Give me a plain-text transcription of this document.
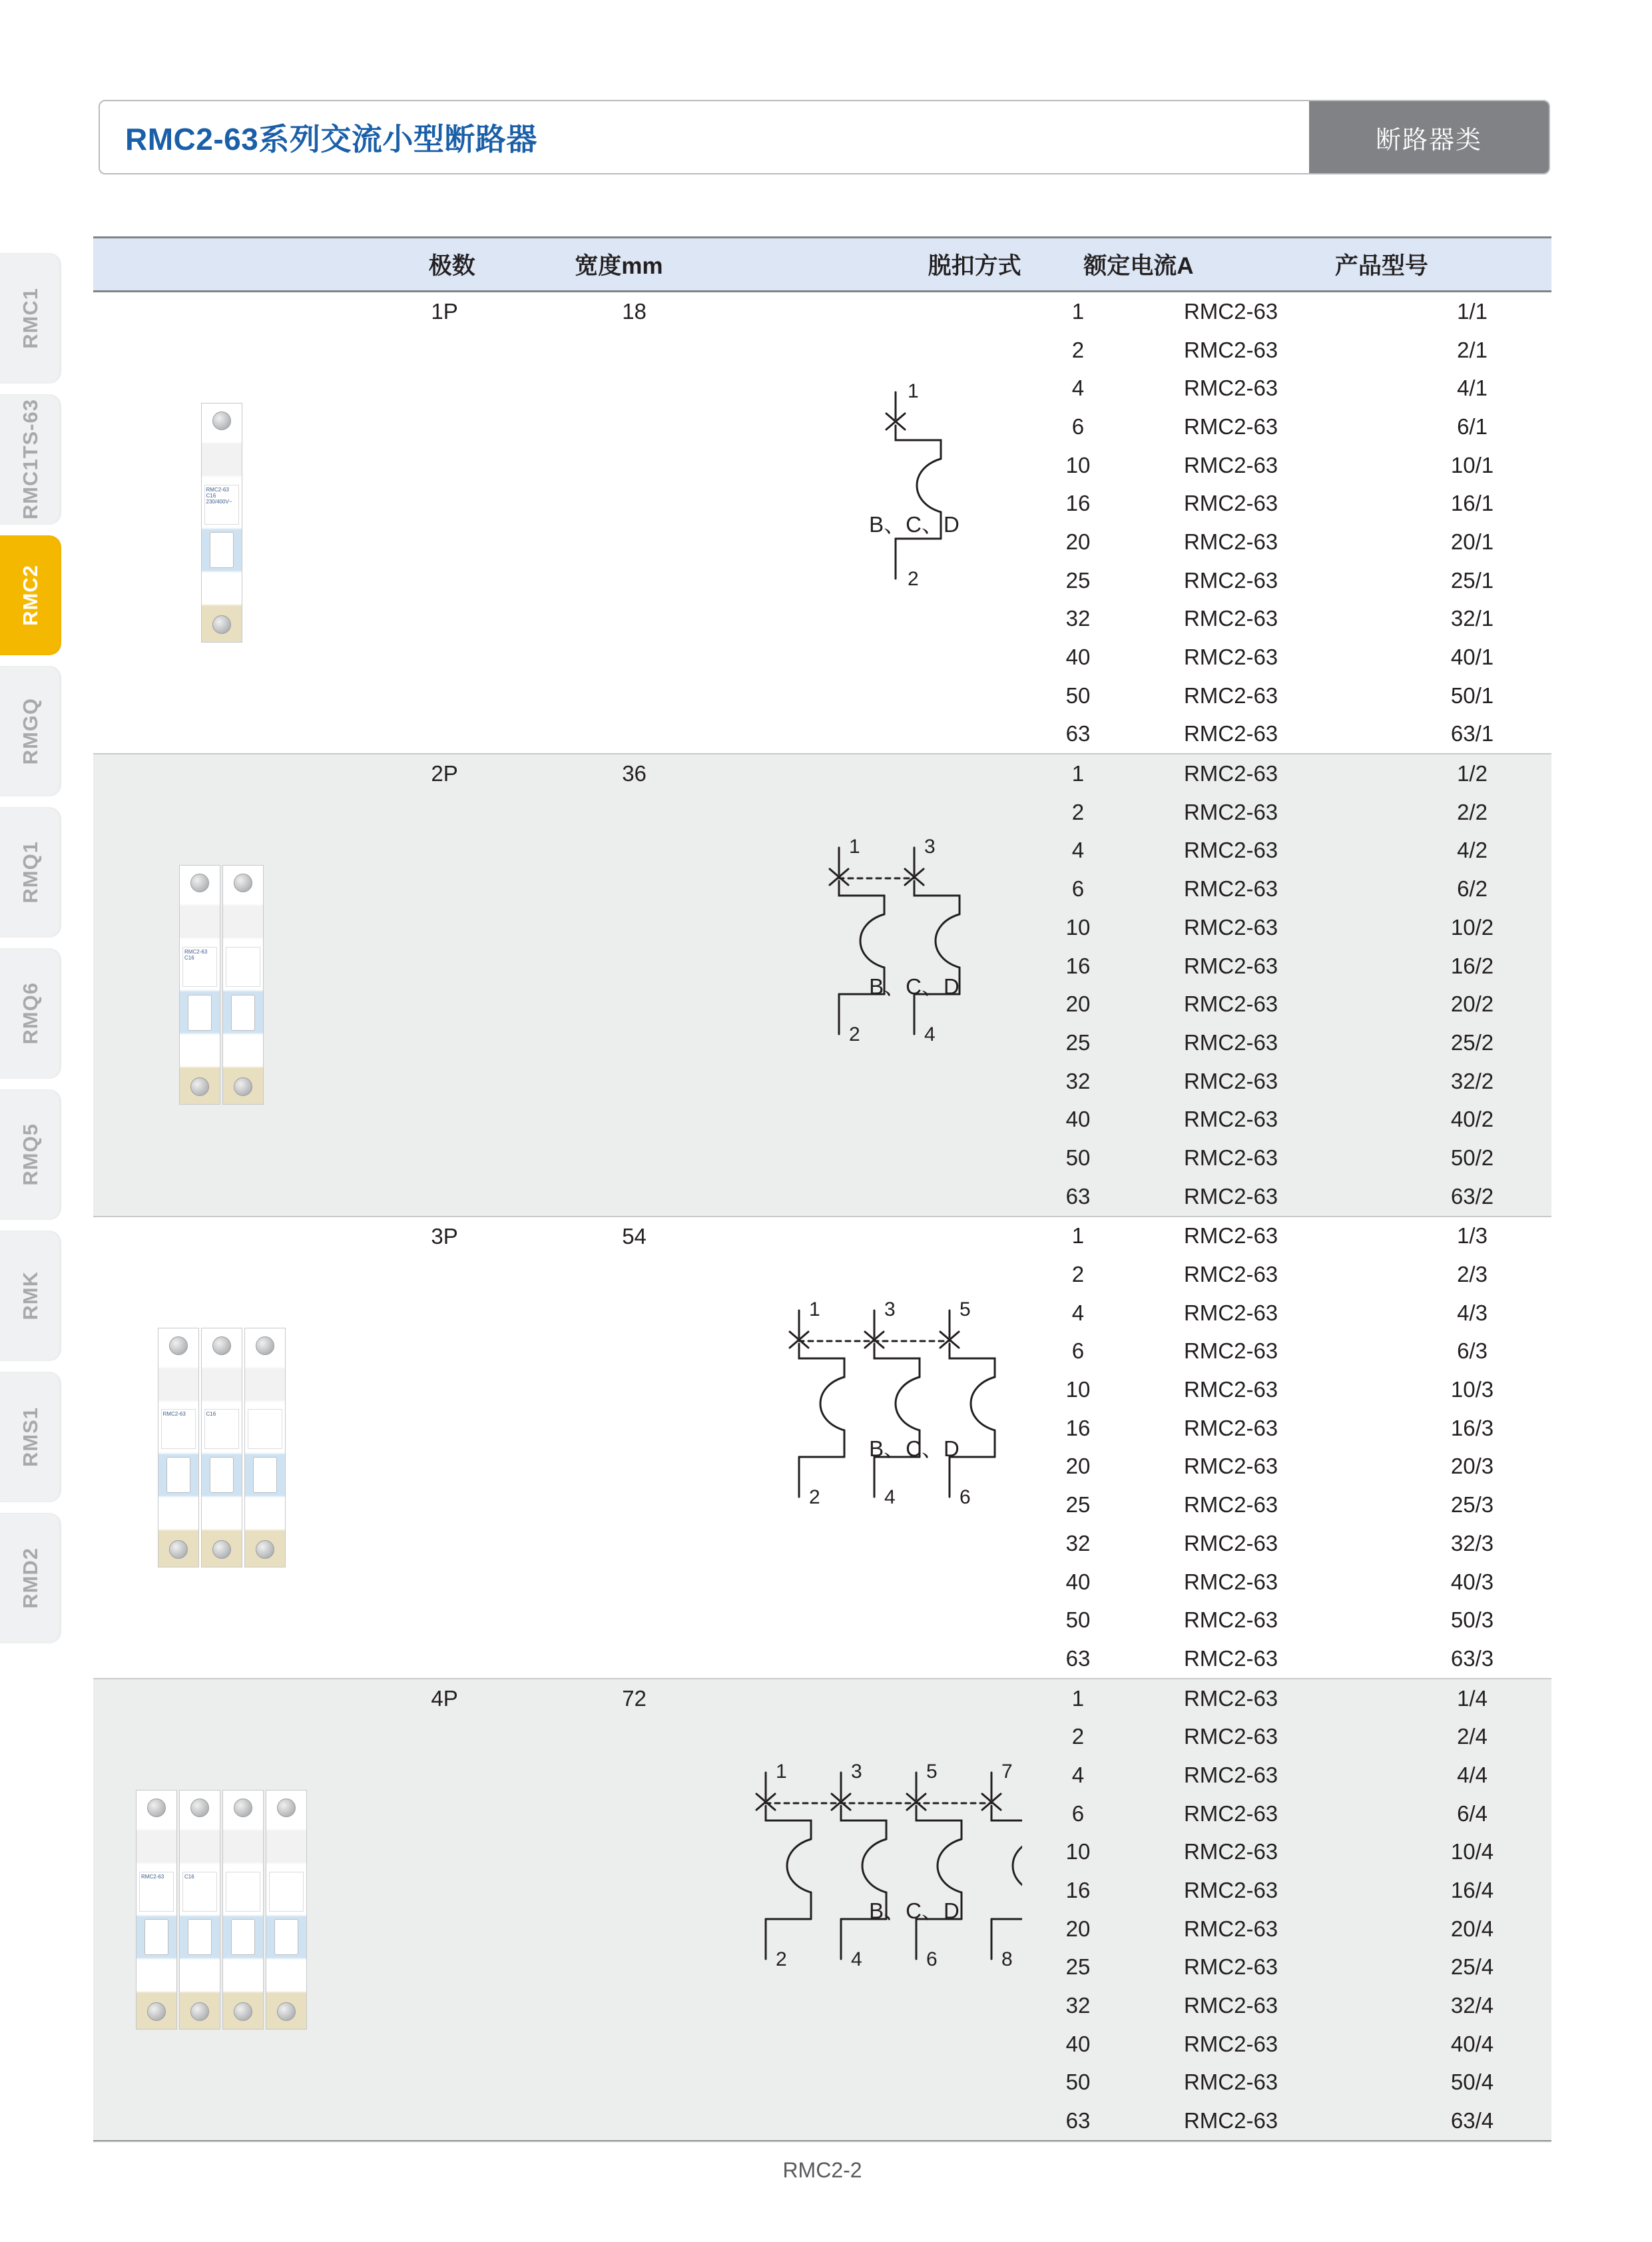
RMC1
RMC1TS-63
RMC2
RMGQ
RMQ1
RMQ6
RMQ5
RMK
RMS1
RMD2
RMC2-63系列交流小型断路器	断路器类
极数	宽度mm	脱扣方式	额定电流A	产品型号
RMC2-63
C16
230/400V~
1P	18
1
2
B、C、D
1	RMC2-63	1/1
2	RMC2-63	2/1
4	RMC2-63	4/1
6	RMC2-63	6/1
10	RMC2-63	10/1
16	RMC2-63	16/1
20	RMC2-63	20/1
25	RMC2-63	25/1
32	RMC2-63	32/1
40	RMC2-63	40/1
50	RMC2-63	50/1
63	RMC2-63	63/1
RMC2-63
C16
2P	36
1	3
2	4
B、C、D
1	RMC2-63	1/2
2	RMC2-63	2/2
4	RMC2-63	4/2
6	RMC2-63	6/2
10	RMC2-63	10/2
16	RMC2-63	16/2
20	RMC2-63	20/2
25	RMC2-63	25/2
32	RMC2-63	32/2
40	RMC2-63	40/2
50	RMC2-63	50/2
63	RMC2-63	63/2
RMC2-63	C16
3P	54
1	3	5
2	4	6
B、C、D
1	RMC2-63	1/3
2	RMC2-63	2/3
4	RMC2-63	4/3
6	RMC2-63	6/3
10	RMC2-63	10/3
16	RMC2-63	16/3
20	RMC2-63	20/3
25	RMC2-63	25/3
32	RMC2-63	32/3
40	RMC2-63	40/3
50	RMC2-63	50/3
63	RMC2-63	63/3
RMC2-63	C16
4P	72
1	3	5	7
2	4	6	8
B、C、D
1	RMC2-63	1/4
2	RMC2-63	2/4
4	RMC2-63	4/4
6	RMC2-63	6/4
10	RMC2-63	10/4
16	RMC2-63	16/4
20	RMC2-63	20/4
25	RMC2-63	25/4
32	RMC2-63	32/4
40	RMC2-63	40/4
50	RMC2-63	50/4
63	RMC2-63	63/4
RMC2-2
